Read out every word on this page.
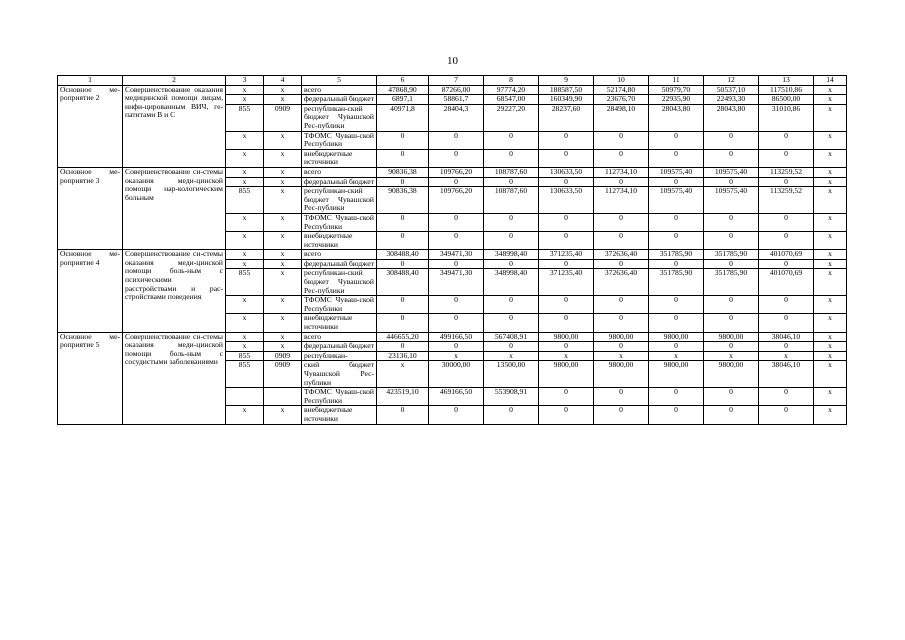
10
1	2	3	4	5	6	7	8	9	10	11	12	13	14
Основное ме-роприятие 2	Совершенствование оказания медицинской помощи лицам, инфи-цированным ВИЧ, ге-патитами В и С	х	х	всего	47868,90	87266,00	97774,20	188587,50	52174,80	50979,70	50537,10	117510,86	х
		х	х	федеральный бюджет	6897,1	58861,7	68547,00	160349,90	23676,70	22935,90	22493,30	86500,00	х
		855	0909	республикан-ский бюджет Чувашской Рес-публики	40971,8	28404,3	29227,20	28237,60	28498,10	28043,80	28043,80	31010,86	х
		х	х	ТФОМС Чуваш-ской Республики	0	0	0	0	0	0	0	0	х
		х	х	внебюджетные источники	0	0	0	0	0	0	0	0	х
Основное ме-роприятие 3	Совершенствование си-стемы оказания меди-цинской помощи нар-кологическим больным	х	х	всего	90836,38	109766,20	108787,60	130633,50	112734,10	109575,40	109575,40	113259,52	х
		х	х	федеральный бюджет	0	0	0	0	0	0	0	0	х
		855	х	республикан-ский бюджет Чувашской Рес-публики	90836,38	109766,20	108787,60	130633,50	112734,10	109575,40	109575,40	113259,52	х
		х	х	ТФОМС Чуваш-ской Республики	0	0	0	0	0	0	0	0	х
		х	х	внебюджетные источники	0	0	0	0	0	0	0	0	х
Основное ме-роприятие 4	Совершенствование си-стемы оказания меди-цинской помощи боль-ным с психическими расстройствами и рас-стройствами поведения	х	х	всего	308488,40	349471,30	348998,40	371235,40	372636,40	351785,90	351785,90	401070,69	х
		х	х	федеральный бюджет	0	0	0	0	0	0	0	0	х
		855	х	республикан-ский бюджет Чувашской Рес-публики	308488,40	349471,30	348998,40	371235,40	372636,40	351785,90	351785,90	401070,69	х
		х	х	ТФОМС Чуваш-ской Республики	0	0	0	0	0	0	0	0	х
		х	х	внебюджетные источники	0	0	0	0	0	0	0	0	х
Основное ме-роприятие 5	Совершенствование си-стемы оказания меди-цинской помощи боль-ным с сосудистыми заболеваниями	х	х	всего	446655,20	499166,50	567408,91	9800,00	9800,00	9800,00	9800,00	38046,10	х
		х	х	федеральный бюджет	0	0	0	0	0	0	0	0	х
		855	0909	республикан-	23136,10	х	х	х	х	х	х	х	х
		855	0909	ский бюджет Чувашской Рес-публики	х	30000,00	13500,00	9800,00	9800,00	9800,00	9800,00	38046,10	х
				ТФОМС Чуваш-ской Республики	423519,10	469166,50	553908,91	0	0	0	0	0	х
		х	х	внебюджетные источники	0	0	0	0	0	0	0	0	х
